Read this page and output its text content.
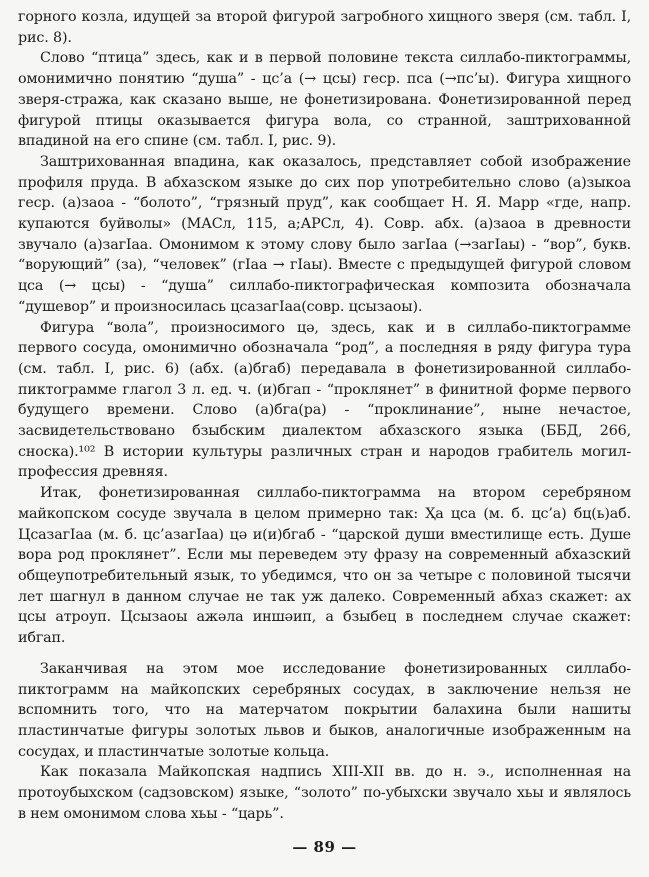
горного козла, идущей за второй фигурой загробного хищного зверя (см. табл. I, рис. 8).

Слово “птица” здесь, как и в первой половине текста силлабо-пиктограммы, омонимично понятию “душа” - цс’а (→ цсы) геср. пса (→пс’ы). Фигура хищного зверя-стража, как сказано выше, не фонетизирована. Фонетизированной перед фигурой птицы оказывается фигура вола, со странной, заштрихованной впадиной на его спине (см. табл. I, рис. 9).

Заштрихованная впадина, как оказалось, представляет собой изображение профиля пруда. В абхазском языке до сих пор употребительно слово (а)зыкоа гесp. (а)заоа - “болото”, “грязный пруд”, как сообщает Н. Я. Марр «где, напр. купаются буйволы» (МАСл, 115, а;АРСл, 4). Совр. абх. (а)заоа в древности звучало (а)загIаа. Омонимом к этому слову было загIаа (→загIаы) - “вор”, букв. “ворующий” (за), “человек” (гIаа → гIаы). Вместе с предыдущей фигурой словом цса (→ цсы) - “душа” силлабо-пиктографическая композита обозначала “душевор” и произносилась цсазагIаа(совр. цсызаоы).

Фигура “вола”, произносимого цә, здесь, как и в силлабо-пиктограмме первого сосуда, омонимично обозначала “род”, а последняя в ряду фигура тура (см. табл. I, рис. 6) (абх. (а)бгаб) передавала в фонетизированной силлабо-пиктограмме глагол 3 л. ед. ч. (и)бгап - “проклянет” в финитной форме первого будущего времени. Слово (а)бга(ра) - “проклинание”, ныне нечастое, засвидетельствовано бзыбским диалектом абхазского языка (ББД, 266, сноска).¹⁰² В истории культуры различных стран и народов грабитель могил-профессия древняя.

Итак, фонетизированная силлабо-пиктограмма на втором серебряном майкопском сосуде звучала в целом примерно так: Ҳа цса (м. б. цс’а) бц(ь)аб. ЦсазагIаа (м. б. цс’азагIаа) цә и(и)бгаб - “царской души вместилище есть. Душе вора род проклянет”. Если мы переведем эту фразу на современный абхазский общеупотребительный язык, то убедимся, что он за четыре с половиной тысячи лет шагнул в данном случае не так уж далеко. Современный абхаз скажет: ах цсы атроуп. Цсызаоы ажәла иншәип, а бзыбец в последнем случае скажет: ибгап.

Заканчивая на этом мое исследование фонетизированных силлабо-пиктограмм на майкопских серебряных сосудах, в заключение нельзя не вспомнить того, что на матерчатом покрытии балахина были нашиты пластинчатые фигуры золотых львов и быков, аналогичные изображенным на сосудах, и пластинчатые золотые кольца.

Как показала Майкопская надпись XIII-XII вв. до н. э., исполненная на протоубыхском (садзовском) языке, “золото” по-убыхски звучало хьы и являлось в нем омонимом слова хьы - “царь”.

— 89 —
